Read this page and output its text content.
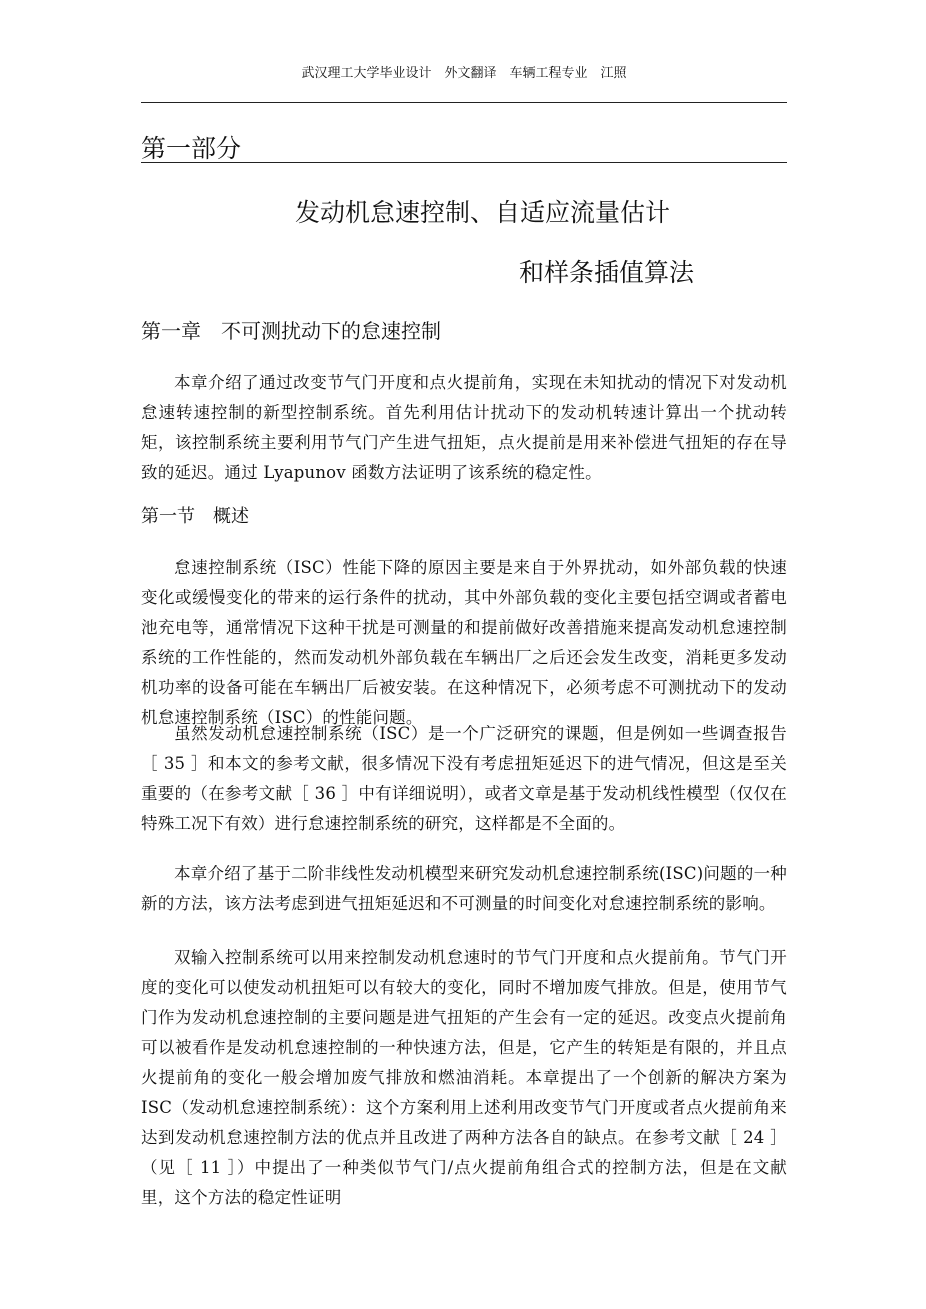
武汉理工大学毕业设计　外文翻译　车辆工程专业　江照
第一部分
发动机怠速控制、自适应流量估计
和样条插值算法
第一章　不可测扰动下的怠速控制

本章介绍了通过改变节气门开度和点火提前角，实现在未知扰动的情况下对发动机怠速转速控制的新型控制系统。首先利用估计扰动下的发动机转速计算出一个扰动转矩，该控制系统主要利用节气门产生进气扭矩，点火提前是用来补偿进气扭矩的存在导致的延迟。通过 Lyapunov 函数方法证明了该系统的稳定性。

第一节　概述

怠速控制系统（ISC）性能下降的原因主要是来自于外界扰动，如外部负载的快速变化或缓慢变化的带来的运行条件的扰动，其中外部负载的变化主要包括空调或者蓄电池充电等，通常情况下这种干扰是可测量的和提前做好改善措施来提高发动机怠速控制系统的工作性能的，然而发动机外部负载在车辆出厂之后还会发生改变，消耗更多发动机功率的设备可能在车辆出厂后被安装。在这种情况下，必须考虑不可测扰动下的发动机怠速控制系统（ISC）的性能问题。

虽然发动机怠速控制系统（ISC）是一个广泛研究的课题，但是例如一些调查报告［ 35 ］和本文的参考文献，很多情况下没有考虑扭矩延迟下的进气情况，但这是至关重要的（在参考文献［ 36 ］中有详细说明），或者文章是基于发动机线性模型（仅仅在特殊工况下有效）进行怠速控制系统的研究，这样都是不全面的。

本章介绍了基于二阶非线性发动机模型来研究发动机怠速控制系统(ISC)问题的一种新的方法，该方法考虑到进气扭矩延迟和不可测量的时间变化对怠速控制系统的影响。

双输入控制系统可以用来控制发动机怠速时的节气门开度和点火提前角。节气门开度的变化可以使发动机扭矩可以有较大的变化，同时不增加废气排放。但是，使用节气门作为发动机怠速控制的主要问题是进气扭矩的产生会有一定的延迟。改变点火提前角可以被看作是发动机怠速控制的一种快速方法，但是，它产生的转矩是有限的，并且点火提前角的变化一般会增加废气排放和燃油消耗。本章提出了一个创新的解决方案为 ISC（发动机怠速控制系统）：这个方案利用上述利用改变节气门开度或者点火提前角来达到发动机怠速控制方法的优点并且改进了两种方法各自的缺点。在参考文献［ 24 ］（见［ 11 ］）中提出了一种类似节气门/点火提前角组合式的控制方法，但是在文献里，这个方法的稳定性证明
